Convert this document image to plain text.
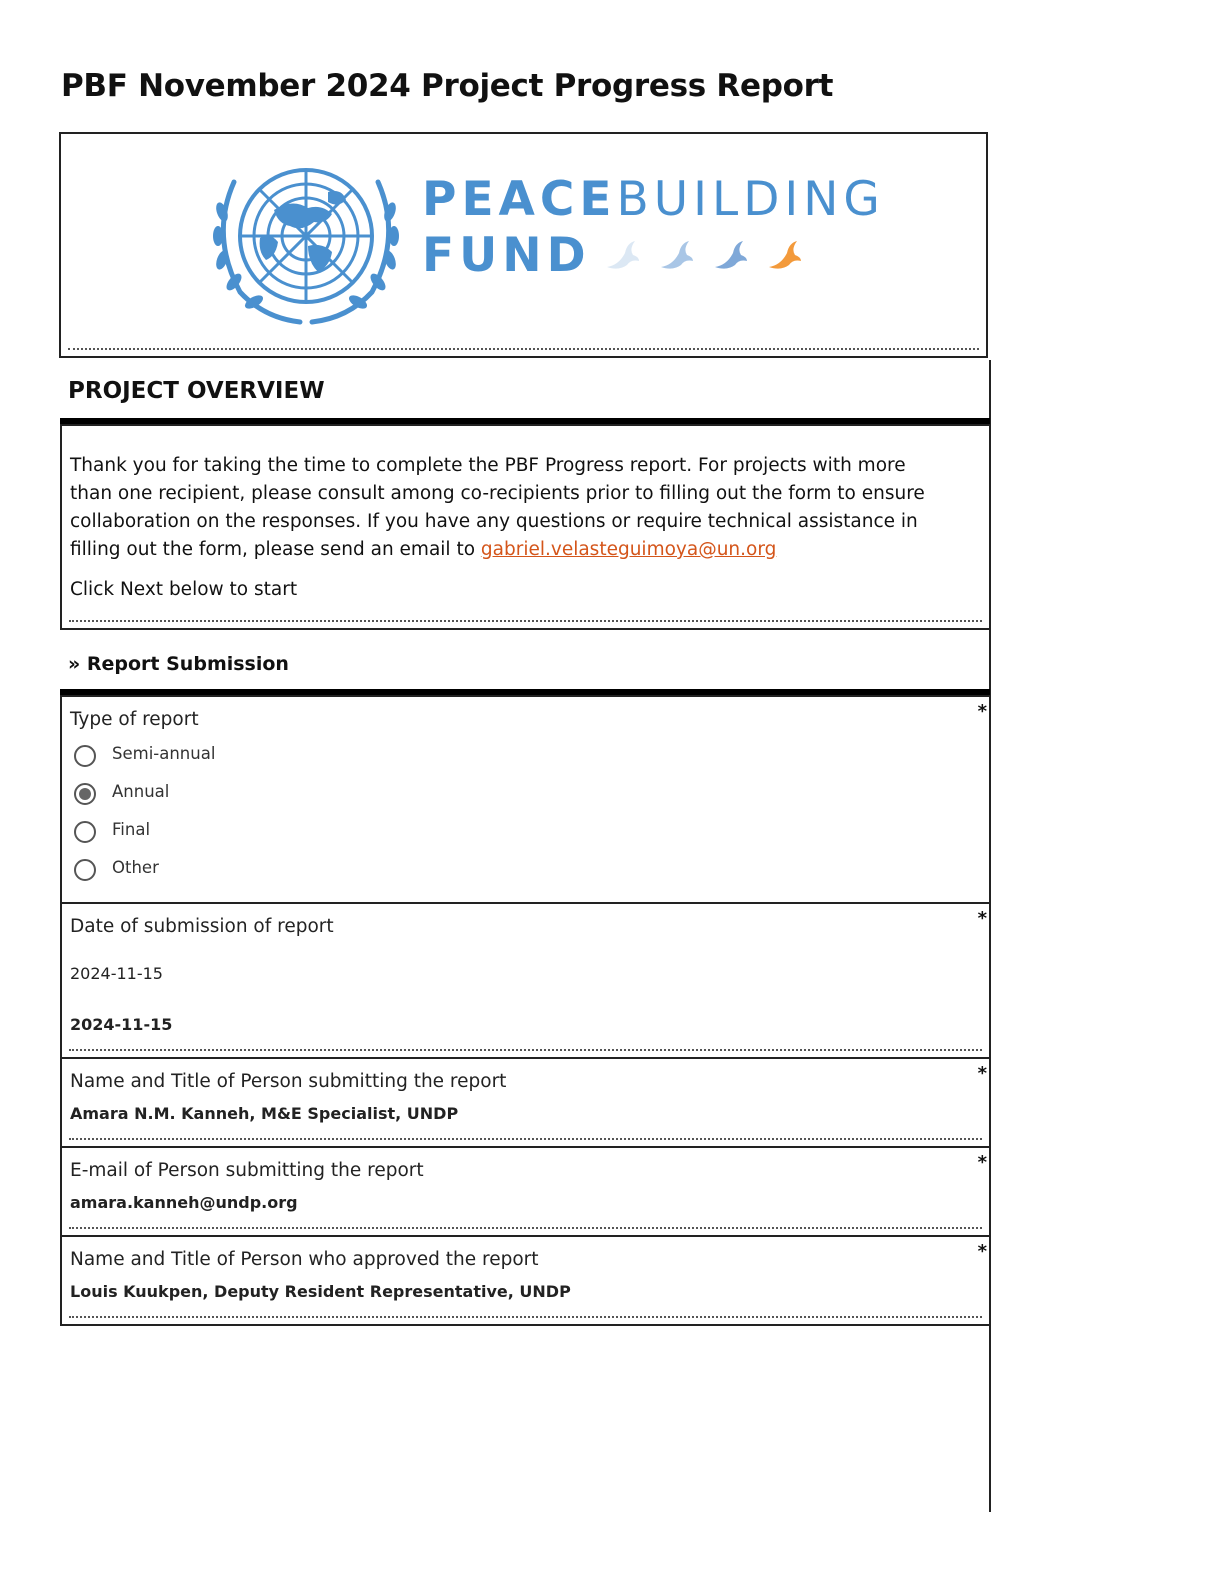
PBF November 2024 Project Progress Report
PEACEBUILDING
FUND
PROJECT OVERVIEW
Thank you for taking the time to complete the PBF Progress report. For projects with more than one recipient, please consult among co-recipients prior to filling out the form to ensure collaboration on the responses. If you have any questions or require technical assistance in filling out the form, please send an email to gabriel.velasteguimoya@un.org
Click Next below to start
» Report Submission
*
Type of report
Semi-annual
Annual
Final
Other
*
Date of submission of report
2024-11-15
2024-11-15
*
Name and Title of Person submitting the report
Amara N.M. Kanneh, M&E Specialist, UNDP
*
E-mail of Person submitting the report
amara.kanneh@undp.org
*
Name and Title of Person who approved the report
Louis Kuukpen, Deputy Resident Representative, UNDP
